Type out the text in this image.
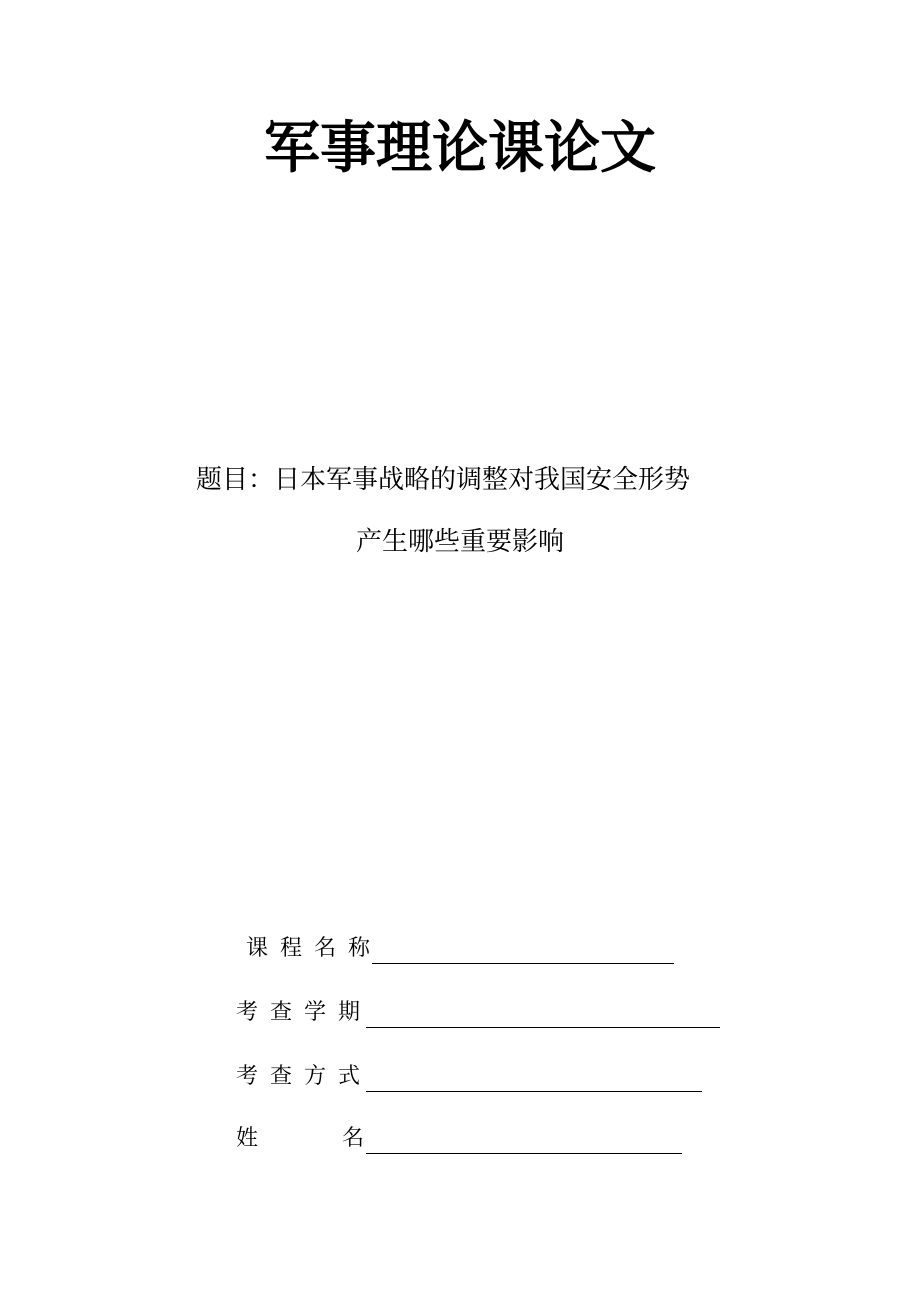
军事理论课论文
题目：日本军事战略的调整对我国安全形势
产生哪些重要影响
课程名称
考查学期
考查方式
姓	名
